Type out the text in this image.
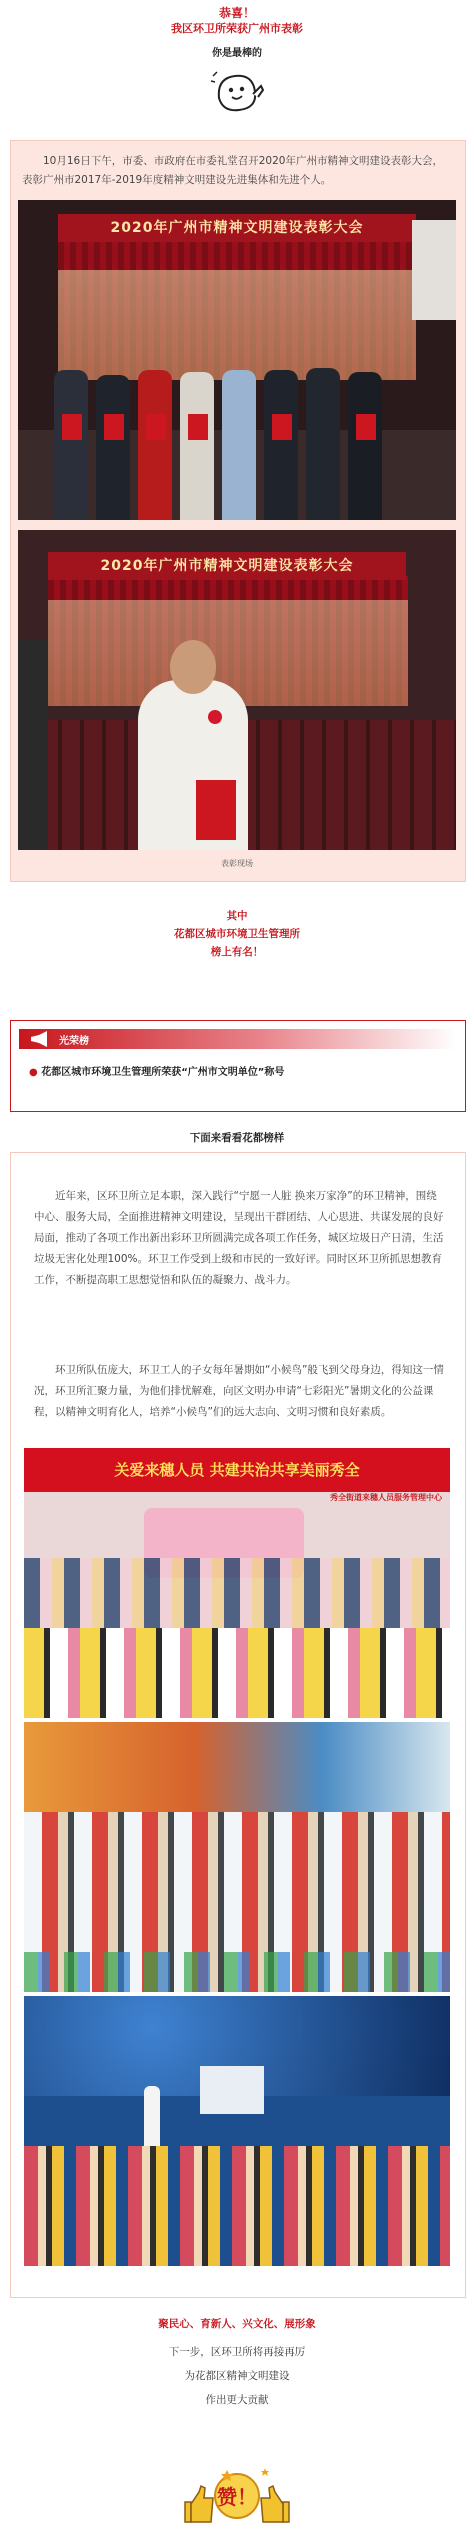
恭喜！
我区环卫所荣获广州市表彰
你是最棒的
10月16日下午，市委、市政府在市委礼堂召开2020年广州市精神文明建设表彰大会，表彰广州市2017年-2019年度精神文明建设先进集体和先进个人。
2020年广州市精神文明建设表彰大会
2020年广州市精神文明建设表彰大会
表彰现场
其中
花都区城市环境卫生管理所
榜上有名！
光荣榜
● 花都区城市环境卫生管理所荣获“广州市文明单位”称号
下面来看看花都榜样
近年来，区环卫所立足本职，深入践行“宁愿一人脏 换来万家净”的环卫精神，围绕中心、服务大局，全面推进精神文明建设，呈现出干群团结、人心思进、共谋发展的良好局面，推动了各项工作出新出彩环卫所圆满完成各项工作任务，城区垃圾日产日清，生活垃圾无害化处理100%。环卫工作受到上级和市民的一致好评。同时区环卫所抓思想教育工作，不断提高职工思想觉悟和队伍的凝聚力、战斗力。
环卫所队伍庞大，环卫工人的子女每年暑期如“小候鸟”般飞到父母身边，得知这一情况，环卫所汇聚力量，为他们排忧解难，向区文明办申请“七彩阳光”暑期文化的公益课程，以精神文明育化人，培养“小候鸟”们的远大志向、文明习惯和良好素质。
关爱来穗人员 共建共治共享美丽秀全
秀全街道来穗人员服务管理中心
聚民心、育新人、兴文化、展形象
下一步，区环卫所将再接再厉
为花都区精神文明建设
作出更大贡献
赞！
